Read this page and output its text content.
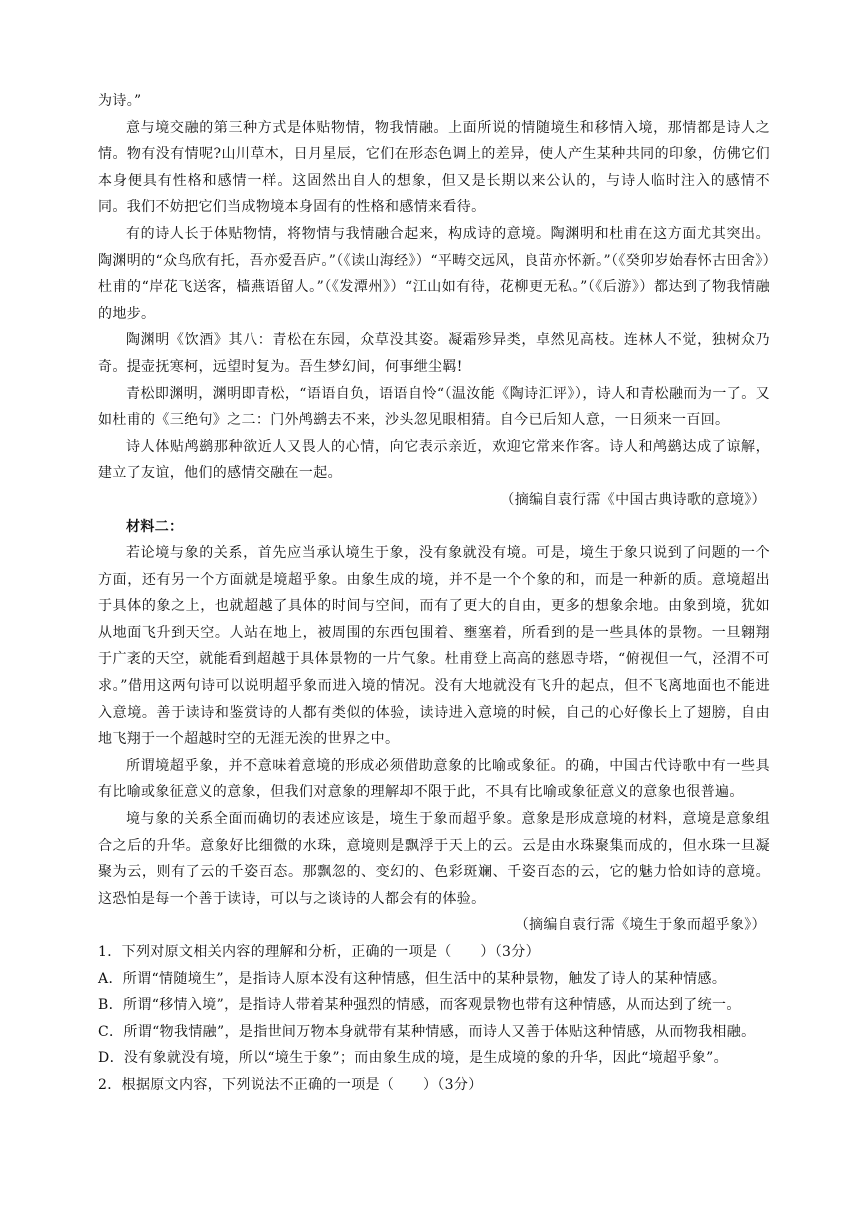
为诗。”

意与境交融的第三种方式是体贴物情，物我情融。上面所说的情随境生和移情入境，那情都是诗人之情。物有没有情呢?山川草木，日月星辰，它们在形态色调上的差异，使人产生某种共同的印象，仿佛它们本身便具有性格和感情一样。这固然出自人的想象，但又是长期以来公认的，与诗人临时注入的感情不同。我们不妨把它们当成物境本身固有的性格和感情来看待。

有的诗人长于体贴物情，将物情与我情融合起来，构成诗的意境。陶渊明和杜甫在这方面尤其突出。陶渊明的“众鸟欣有托，吾亦爱吾庐。”（《读山海经》）“平畴交远风，良苗亦怀新。”（《癸卯岁始春怀古田舍》）杜甫的“岸花飞送客，樯燕语留人。”（《发潭州》）“江山如有待，花柳更无私。”（《后游》）都达到了物我情融的地步。

陶渊明《饮酒》其八：青松在东园，众草没其姿。凝霜殄异类，卓然见高枝。连林人不觉，独树众乃奇。提壶抚寒柯，远望时复为。吾生梦幻间，何事绁尘羁!

青松即渊明，渊明即青松，“语语自负，语语自怜“（温汝能《陶诗汇评》），诗人和青松融而为一了。又如杜甫的《三绝句》之二：门外鸬鹚去不来，沙头忽见眼相猜。自今已后知人意，一日须来一百回。

诗人体贴鸬鹚那种欲近人又畏人的心情，向它表示亲近，欢迎它常来作客。诗人和鸬鹚达成了谅解，建立了友谊，他们的感情交融在一起。

（摘编自袁行霈《中国古典诗歌的意境》）

材料二：

若论境与象的关系，首先应当承认境生于象，没有象就没有境。可是，境生于象只说到了问题的一个方面，还有另一个方面就是境超乎象。由象生成的境，并不是一个个象的和，而是一种新的质。意境超出于具体的象之上，也就超越了具体的时间与空间，而有了更大的自由，更多的想象余地。由象到境，犹如从地面飞升到天空。人站在地上，被周围的东西包围着、壅塞着，所看到的是一些具体的景物。一旦翱翔于广袤的天空，就能看到超越于具体景物的一片气象。杜甫登上高高的慈恩寺塔，“俯视但一气，泾渭不可求。”借用这两句诗可以说明超乎象而进入境的情况。没有大地就没有飞升的起点，但不飞离地面也不能进入意境。善于读诗和鉴赏诗的人都有类似的体验，读诗进入意境的时候，自己的心好像长上了翅膀，自由地飞翔于一个超越时空的无涯无涘的世界之中。

所谓境超乎象，并不意味着意境的形成必须借助意象的比喻或象征。的确，中国古代诗歌中有一些具有比喻或象征意义的意象，但我们对意象的理解却不限于此，不具有比喻或象征意义的意象也很普遍。

境与象的关系全面而确切的表述应该是，境生于象而超乎象。意象是形成意境的材料，意境是意象组合之后的升华。意象好比细微的水珠，意境则是飘浮于天上的云。云是由水珠聚集而成的，但水珠一旦凝聚为云，则有了云的千姿百态。那飘忽的、变幻的、色彩斑斓、千姿百态的云，它的魅力恰如诗的意境。这恐怕是每一个善于读诗，可以与之谈诗的人都会有的体验。

（摘编自袁行霈《境生于象而超乎象》）

1．下列对原文相关内容的理解和分析，正确的一项是（　　）（3分）

A．所谓“情随境生”，是指诗人原本没有这种情感，但生活中的某种景物，触发了诗人的某种情感。

B．所谓“移情入境”，是指诗人带着某种强烈的情感，而客观景物也带有这种情感，从而达到了统一。

C．所谓“物我情融”，是指世间万物本身就带有某种情感，而诗人又善于体贴这种情感，从而物我相融。

D．没有象就没有境，所以“境生于象”；而由象生成的境，是生成境的象的升华，因此“境超乎象”。

2．根据原文内容，下列说法不正确的一项是（　　）（3分）
